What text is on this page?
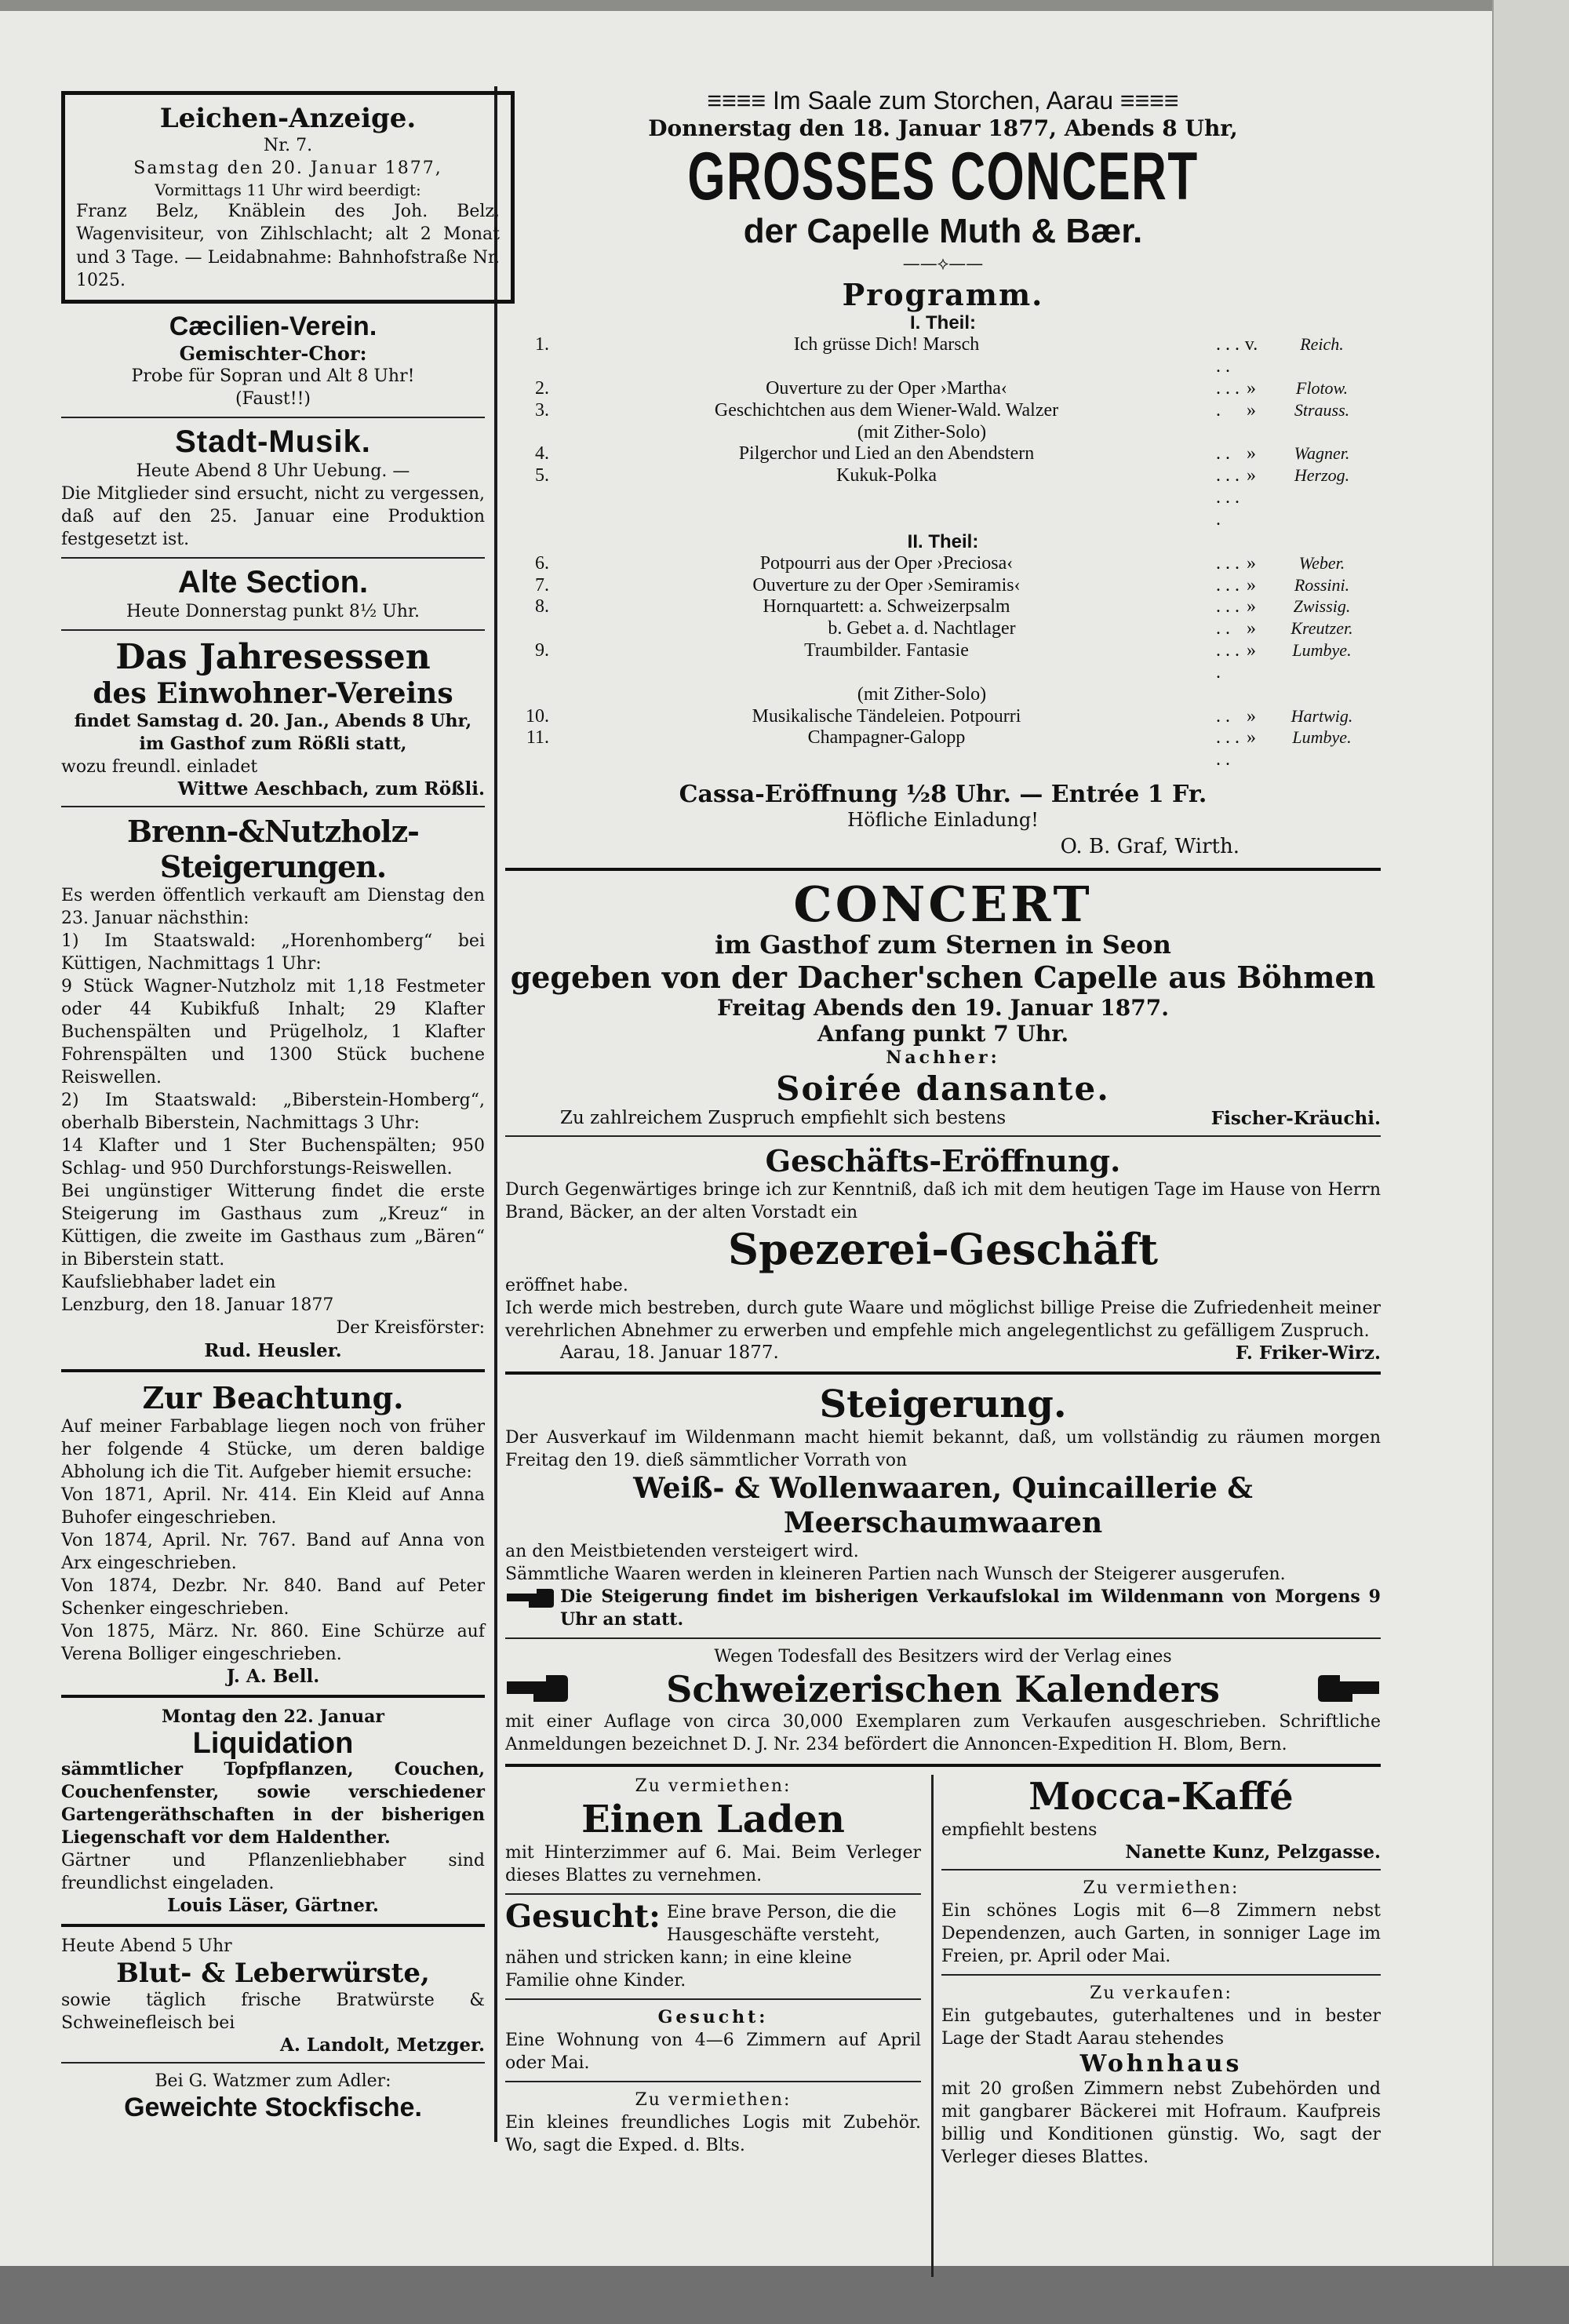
Leichen-Anzeige.
Nr. 7.
Samstag den 20. Januar 1877,
Vormittags 11 Uhr wird beerdigt:
Franz Belz, Knäblein des Joh. Belz, Wagenvisiteur, von Zihlschlacht; alt 2 Monat und 3 Tage. — Leidabnahme: Bahnhofstraße Nr. 1025.
Cæcilien-Verein.
Gemischter-Chor:
Probe für Sopran und Alt 8 Uhr!
(Faust!!)
Stadt-Musik.
Heute Abend 8 Uhr Uebung. —
Die Mitglieder sind ersucht, nicht zu vergessen, daß auf den 25. Januar eine Produktion festgesetzt ist.
Alte Section.
Heute Donnerstag punkt 8½ Uhr.
Das Jahresessen
des Einwohner-Vereins
findet Samstag d. 20. Jan., Abends 8 Uhr,
im Gasthof zum Rößli statt,
wozu freundl. einladet
Wittwe Aeschbach, zum Rößli.
Brenn-&Nutzholz-Steigerungen.
Es werden öffentlich verkauft am Dienstag den 23. Januar nächsthin:
1) Im Staatswald: „Horenhomberg“ bei Küttigen, Nachmittags 1 Uhr:
9 Stück Wagner-Nutzholz mit 1,18 Festmeter oder 44 Kubikfuß Inhalt; 29 Klafter Buchenspälten und Prügelholz, 1 Klafter Fohrenspälten und 1300 Stück buchene Reiswellen.
2) Im Staatswald: „Biberstein-Homberg“, oberhalb Biberstein, Nachmittags 3 Uhr:
14 Klafter und 1 Ster Buchenspälten; 950 Schlag- und 950 Durchforstungs-Reiswellen.
Bei ungünstiger Witterung findet die erste Steigerung im Gasthaus zum „Kreuz“ in Küttigen, die zweite im Gasthaus zum „Bären“ in Biberstein statt.
Kaufsliebhaber ladet ein
Lenzburg, den 18. Januar 1877
Der Kreisförster:
Rud. Heusler.
Zur Beachtung.
Auf meiner Farbablage liegen noch von früher her folgende 4 Stücke, um deren baldige Abholung ich die Tit. Aufgeber hiemit ersuche:
Von 1871, April. Nr. 414. Ein Kleid auf Anna Buhofer eingeschrieben.
Von 1874, April. Nr. 767. Band auf Anna von Arx eingeschrieben.
Von 1874, Dezbr. Nr. 840. Band auf Peter Schenker eingeschrieben.
Von 1875, März. Nr. 860. Eine Schürze auf Verena Bolliger eingeschrieben.
J. A. Bell.
Montag den 22. Januar
Liquidation
sämmtlicher Topfpflanzen, Couchen, Couchenfenster, sowie verschiedener Gartengeräthschaften in der bisherigen Liegenschaft vor dem Haldenther.
Gärtner und Pflanzenliebhaber sind freundlichst eingeladen.
Louis Läser, Gärtner.
Heute Abend 5 Uhr
Blut- & Leberwürste,
sowie täglich frische Bratwürste & Schweinefleisch bei
A. Landolt, Metzger.
Bei G. Watzmer zum Adler:
Geweichte Stockfische.
≡≡≡≡ Im Saale zum Storchen, Aarau ≡≡≡≡
Donnerstag den 18. Januar 1877, Abends 8 Uhr,
GROSSES CONCERT
der Capelle Muth & Bær.
——⟡——
Programm.
I. Theil:
1.	Ich grüsse Dich! Marsch	. . . . .	v.	Reich.
2.	Ouverture zu der Oper ›Martha‹	. . .	»	Flotow.
3.	Geschichtchen aus dem Wiener-Wald. Walzer	.	»	Strauss.
	(mit Zither-Solo)			
4.	Pilgerchor und Lied an den Abendstern	. .	»	Wagner.
5.	Kukuk-Polka	. . . . . . .	»	Herzog.
II. Theil:
6.	Potpourri aus der Oper ›Preciosa‹	. . .	»	Weber.
7.	Ouverture zu der Oper ›Semiramis‹	. . .	»	Rossini.
8.	Hornquartett: a. Schweizerpsalm	. . .	»	Zwissig.
	b. Gebet a. d. Nachtlager	. .	»	Kreutzer.
9.	Traumbilder. Fantasie	. . . .	»	Lumbye.
	(mit Zither-Solo)			
10.	Musikalische Tändeleien. Potpourri	. .	»	Hartwig.
11.	Champagner-Galopp	. . . . .	»	Lumbye.
Cassa-Eröffnung ½8 Uhr. — Entrée 1 Fr.
Höfliche Einladung!
O. B. Graf, Wirth.
CONCERT
im Gasthof zum Sternen in Seon
gegeben von der Dacher'schen Capelle aus Böhmen
Freitag Abends den 19. Januar 1877.
Anfang punkt 7 Uhr.
Nachher:
Soirée dansante.
Zu zahlreichem Zuspruch empfiehlt sich bestens	Fischer-Kräuchi.
Geschäfts-Eröffnung.
Durch Gegenwärtiges bringe ich zur Kenntniß, daß ich mit dem heutigen Tage im Hause von Herrn Brand, Bäcker, an der alten Vorstadt ein
Spezerei-Geschäft
eröffnet habe.
Ich werde mich bestreben, durch gute Waare und möglichst billige Preise die Zufriedenheit meiner verehrlichen Abnehmer zu erwerben und empfehle mich angelegentlichst zu gefälligem Zuspruch.
Aarau, 18. Januar 1877.	F. Friker-Wirz.
Steigerung.
Der Ausverkauf im Wildenmann macht hiemit bekannt, daß, um vollständig zu räumen morgen Freitag den 19. dieß sämmtlicher Vorrath von
Weiß- & Wollenwaaren, Quincaillerie & Meerschaumwaaren
an den Meistbietenden versteigert wird.
Sämmtliche Waaren werden in kleineren Partien nach Wunsch der Steigerer ausgerufen.
Die Steigerung findet im bisherigen Verkaufslokal im Wildenmann von Morgens 9 Uhr an statt.
Wegen Todesfall des Besitzers wird der Verlag eines
Schweizerischen Kalenders
mit einer Auflage von circa 30,000 Exemplaren zum Verkaufen ausgeschrieben. Schriftliche Anmeldungen bezeichnet D. J. Nr. 234 befördert die Annoncen-Expedition H. Blom, Bern.
Zu vermiethen:
Einen Laden
mit Hinterzimmer auf 6. Mai. Beim Verleger dieses Blattes zu vernehmen.
Gesucht: Eine brave Person, die die Hausgeschäfte versteht, nähen und stricken kann; in eine kleine Familie ohne Kinder.
Gesucht:
Eine Wohnung von 4—6 Zimmern auf April oder Mai.
Zu vermiethen:
Ein kleines freundliches Logis mit Zubehör. Wo, sagt die Exped. d. Blts.
Mocca-Kaffé
empfiehlt bestens
Nanette Kunz, Pelzgasse.
Zu vermiethen:
Ein schönes Logis mit 6—8 Zimmern nebst Dependenzen, auch Garten, in sonniger Lage im Freien, pr. April oder Mai.
Zu verkaufen:
Ein gutgebautes, guterhaltenes und in bester Lage der Stadt Aarau stehendes
Wohnhaus
mit 20 großen Zimmern nebst Zubehörden und mit gangbarer Bäckerei mit Hofraum. Kaufpreis billig und Konditionen günstig. Wo, sagt der Verleger dieses Blattes.
